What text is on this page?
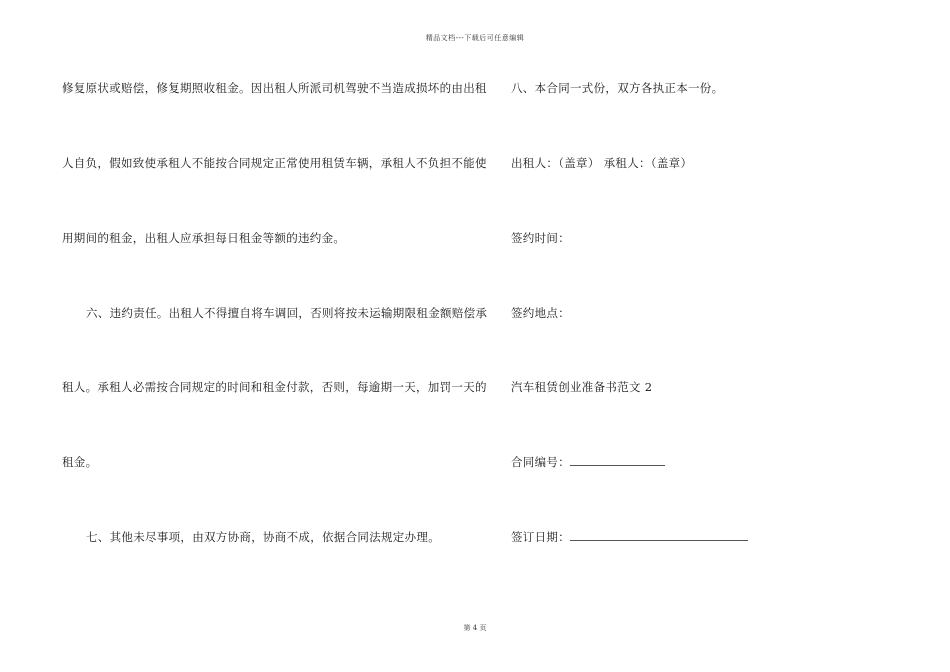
精品文档---下载后可任意编辑
修复原状或赔偿，修复期照收租金。因出租人所派司机驾驶不当造成损坏的由出租
人自负，假如致使承租人不能按合同规定正常使用租赁车辆，承租人不负担不能使
用期间的租金，出租人应承担每日租金等额的违约金。
六、违约责任。出租人不得擅自将车调回，否则将按未运输期限租金额赔偿承
租人。承租人必需按合同规定的时间和租金付款，否则，每逾期一天，加罚一天的
租金。
七、其他未尽事项，由双方协商，协商不成，依据合同法规定办理。
八、本合同一式份，双方各执正本一份。
出租人：（盖章） 承租人：（盖章）
签约时间：
签约地点：
汽车租赁创业准备书范文 2
合同编号：
签订日期：
第 4 页
